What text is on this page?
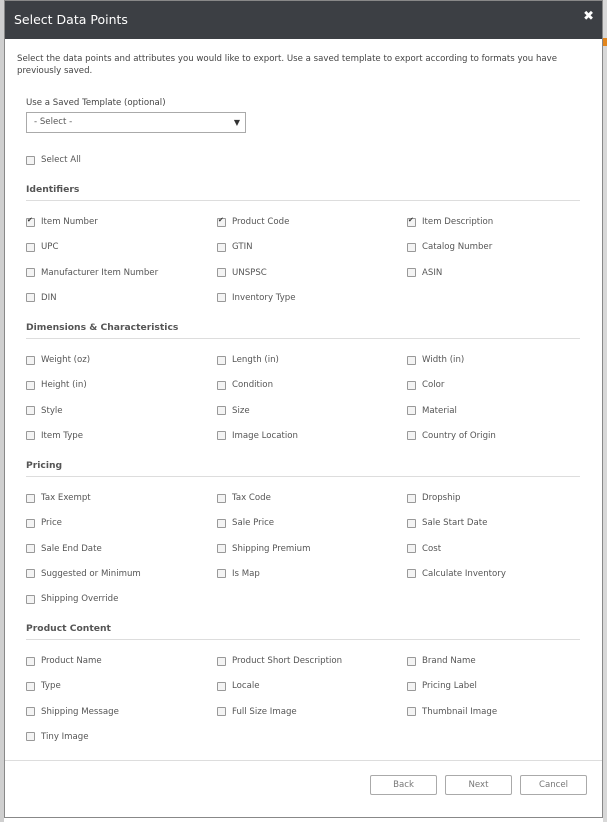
Select Data Points	✖
Select the data points and attributes you would like to export. Use a saved template to export according to formats you have previously saved.
Use a Saved Template (optional)
- Select -	▼
Select All
Identifiers
✔
Item Number ✔	Product Code ✔	Item Description
UPC	GTIN	Catalog Number
Manufacturer Item Number	UNSPSC	ASIN
DIN	Inventory Type
Dimensions & Characteristics
Weight (oz)	Length (in)	Width (in)
Height (in)	Condition	Color
Style	Size	Material
Item Type	Image Location	Country of Origin
Pricing
Tax Exempt	Tax Code	Dropship
Price	Sale Price	Sale Start Date
Sale End Date	Shipping Premium	Cost
Suggested or Minimum	Is Map	Calculate Inventory
Shipping Override
Product Content
Product Name	Product Short Description	Brand Name
Type	Locale	Pricing Label
Shipping Message	Full Size Image	Thumbnail Image
Tiny Image
Back	Next	Cancel
